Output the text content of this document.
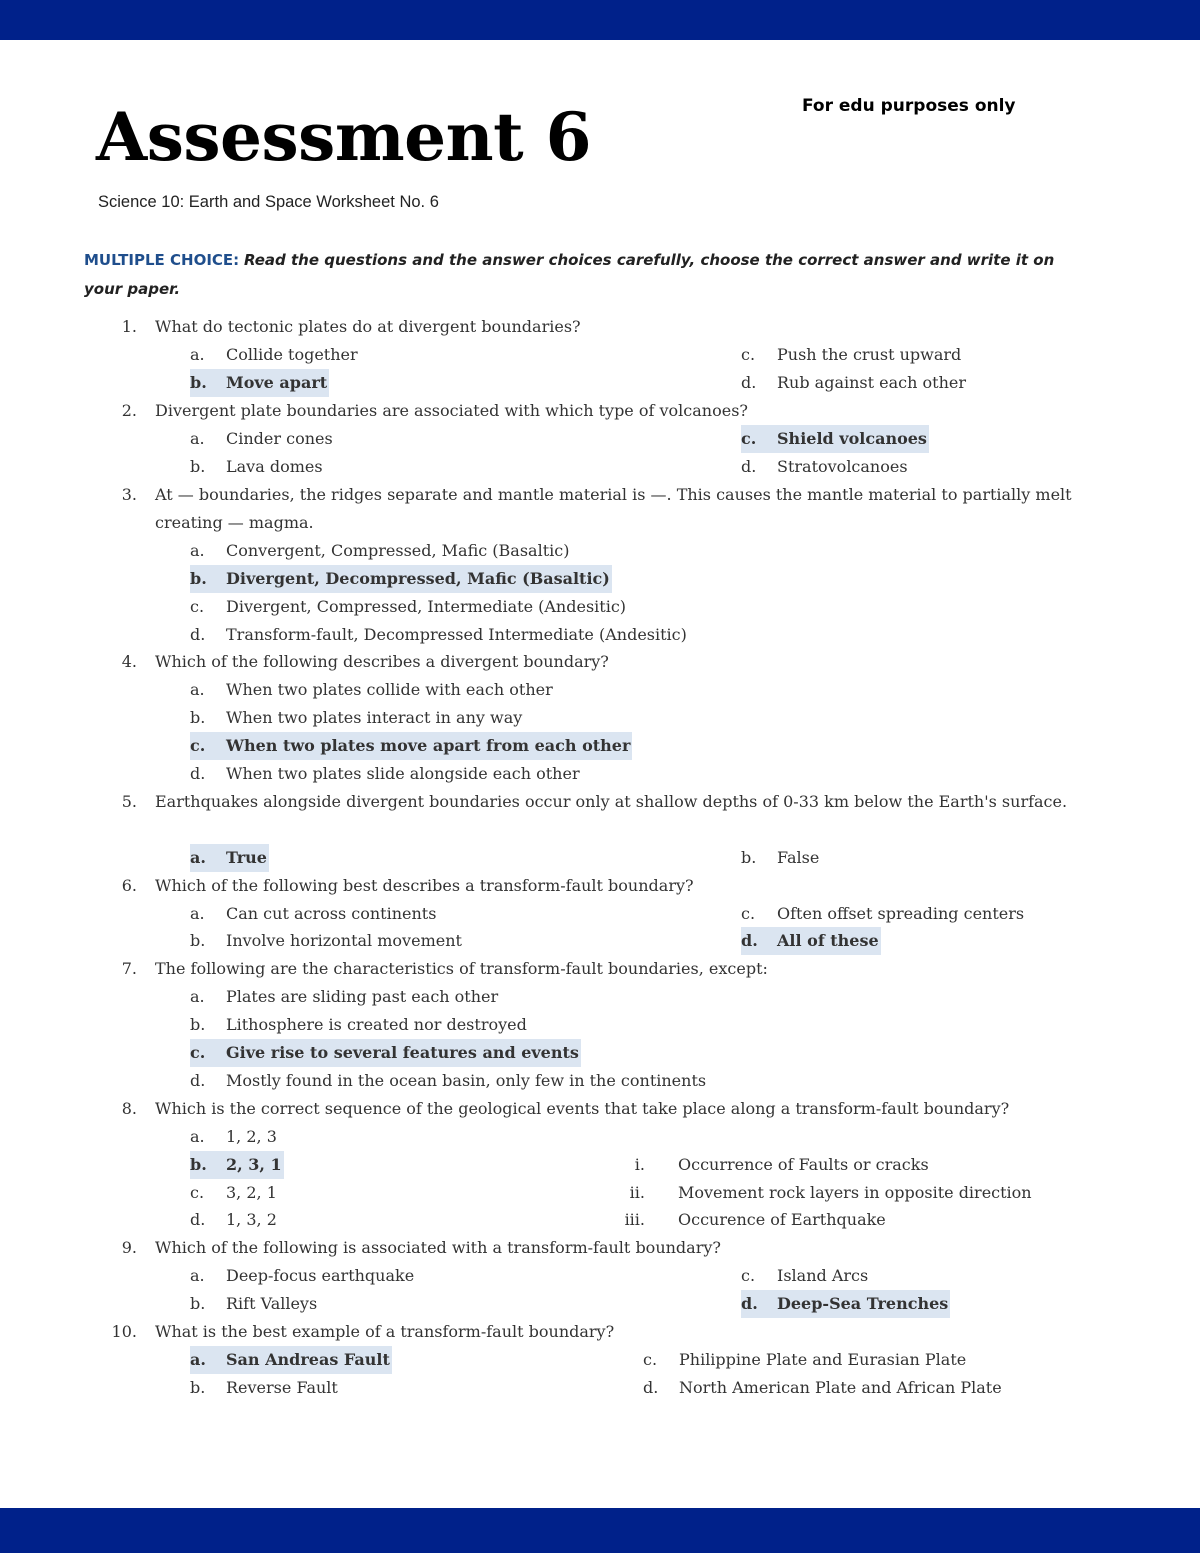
Assessment 6	For edu purposes only
Science 10: Earth and Space Worksheet No. 6
MULTIPLE CHOICE: Read the questions and the answer choices carefully, choose the correct answer and write it on your paper.
1. What do tectonic plates do at divergent boundaries?
a. Collide together
b. Move apart
c. Push the crust upward
d. Rub against each other
2. Divergent plate boundaries are associated with which type of volcanoes?
a. Cinder cones
b. Lava domes
c. Shield volcanoes
d. Stratovolcanoes
3. At — boundaries, the ridges separate and mantle material is —. This causes the mantle material to partially melt creating — magma.
a. Convergent, Compressed, Mafic (Basaltic)
b. Divergent, Decompressed, Mafic (Basaltic)
c. Divergent, Compressed, Intermediate (Andesitic)
d. Transform-fault, Decompressed Intermediate (Andesitic)
4. Which of the following describes a divergent boundary?
a. When two plates collide with each other
b. When two plates interact in any way
c. When two plates move apart from each other
d. When two plates slide alongside each other
5. Earthquakes alongside divergent boundaries occur only at shallow depths of 0-33 km below the Earth's surface.
a. True	b. False
6. Which of the following best describes a transform-fault boundary?
a. Can cut across continents
b. Involve horizontal movement
c. Often offset spreading centers
d. All of these
7. The following are the characteristics of transform-fault boundaries, except:
a. Plates are sliding past each other
b. Lithosphere is created nor destroyed
c. Give rise to several features and events
d. Mostly found in the ocean basin, only few in the continents
8. Which is the correct sequence of the geological events that take place along a transform-fault boundary?
a. 1, 2, 3
b. 2, 3, 1
c. 3, 2, 1
d. 1, 3, 2
i. Occurrence of Faults or cracks
ii. Movement rock layers in opposite direction
iii. Occurence of Earthquake
9. Which of the following is associated with a transform-fault boundary?
a. Deep-focus earthquake
b. Rift Valleys
c. Island Arcs
d. Deep-Sea Trenches
10. What is the best example of a transform-fault boundary?
a. San Andreas Fault
b. Reverse Fault
c. Philippine Plate and Eurasian Plate
d. North American Plate and African Plate
